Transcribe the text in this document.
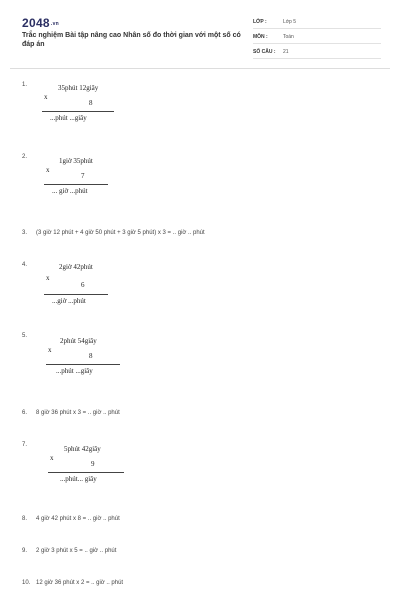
2048.vn
Trắc nghiệm Bài tập nâng cao Nhân số đo thời gian với một số có đáp án
LỚP :	Lớp 5
MÔN :	Toán
SỐ CÂU :	21
1.	35phút 12giây
x
8
...phút ...giây
2.	1giờ 35phút
x
7
... giờ ...phút
3. (3 giờ 12 phút + 4 giờ 50 phút + 3 giờ 5 phút) x 3 = .. giờ .. phút
4.	2giờ 42phút
x
6
...giờ ...phút
5.
2phút 54giây
x
8
...phút ...giây
6. 8 giờ 36 phút x 3 = .. giờ .. phút
7.	5phút 42giây
x
9
...phút... giây
8. 4 giờ 42 phút x 8 = .. giờ .. phút
9. 2 giờ 3 phút x 5 = .. giờ .. phút
10. 12 giờ 36 phút x 2 = .. giờ .. phút
